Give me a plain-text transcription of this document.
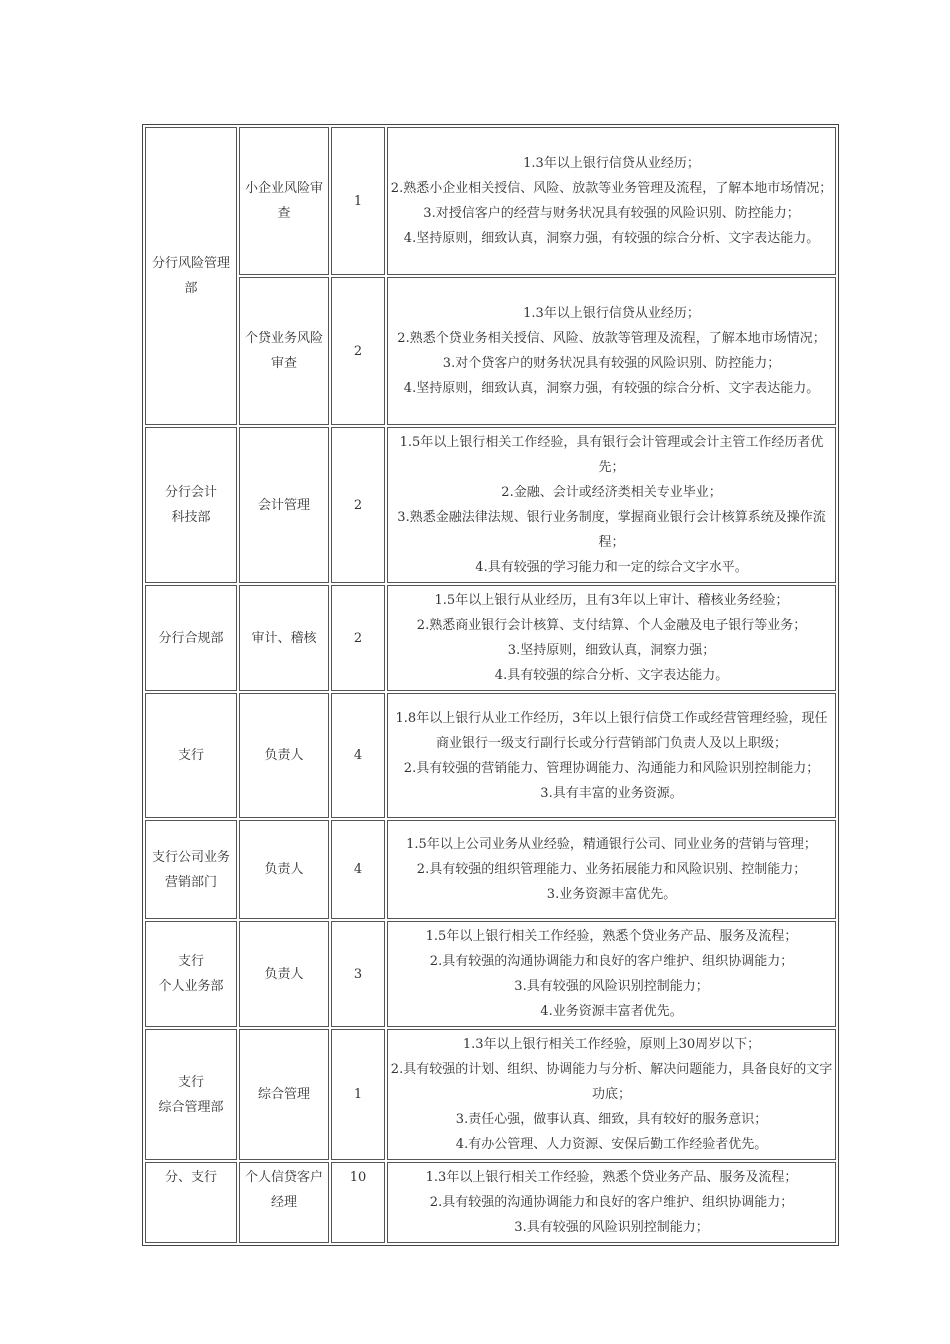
分行风险管理
部	小企业风险审查	1	1.3年以上银行信贷从业经历；
2.熟悉小企业相关授信、风险、放款等业务管理及流程，了解本地市场情况；
3.对授信客户的经营与财务状况具有较强的风险识别、防控能力；
4.坚持原则，细致认真，洞察力强，有较强的综合分析、文字表达能力。

	个贷业务风险审查	2	1.3年以上银行信贷从业经历；
2.熟悉个贷业务相关授信、风险、放款等管理及流程，了解本地市场情况；
3.对个贷客户的财务状况具有较强的风险识别、防控能力；
4.坚持原则，细致认真，洞察力强，有较强的综合分析、文字表达能力。

分行会计
科技部	会计管理	2	1.5年以上银行相关工作经验，具有银行会计管理或会计主管工作经历者优先；
2.金融、会计或经济类相关专业毕业；
3.熟悉金融法律法规、银行业务制度，掌握商业银行会计核算系统及操作流程；
4.具有较强的学习能力和一定的综合文字水平。

分行合规部	审计、稽核	2	1.5年以上银行从业经历，且有3年以上审计、稽核业务经验；
2.熟悉商业银行会计核算、支付结算、个人金融及电子银行等业务；
3.坚持原则，细致认真，洞察力强；
4.具有较强的综合分析、文字表达能力。

支行	负责人	4	1.8年以上银行从业工作经历，3年以上银行信贷工作或经营管理经验，现任商业银行一级支行副行长或分行营销部门负责人及以上职级；
2.具有较强的营销能力、管理协调能力、沟通能力和风险识别控制能力；
3.具有丰富的业务资源。

支行公司业务
营销部门	负责人	4	1.5年以上公司业务从业经验，精通银行公司、同业业务的营销与管理；
2.具有较强的组织管理能力、业务拓展能力和风险识别、控制能力；
3.业务资源丰富优先。

支行
个人业务部	负责人	3	1.5年以上银行相关工作经验，熟悉个贷业务产品、服务及流程；
2.具有较强的沟通协调能力和良好的客户维护、组织协调能力；
3.具有较强的风险识别控制能力；
4.业务资源丰富者优先。

支行
综合管理部	综合管理	1	1.3年以上银行相关工作经验，原则上30周岁以下；
2.具有较强的计划、组织、协调能力与分析、解决问题能力，具备良好的文字功底；
3.责任心强，做事认真、细致，具有较好的服务意识；
4.有办公管理、人力资源、安保后勤工作经验者优先。

分、支行	个人信贷客户经理	10	1.3年以上银行相关工作经验，熟悉个贷业务产品、服务及流程；
2.具有较强的沟通协调能力和良好的客户维护、组织协调能力；
3.具有较强的风险识别控制能力；
